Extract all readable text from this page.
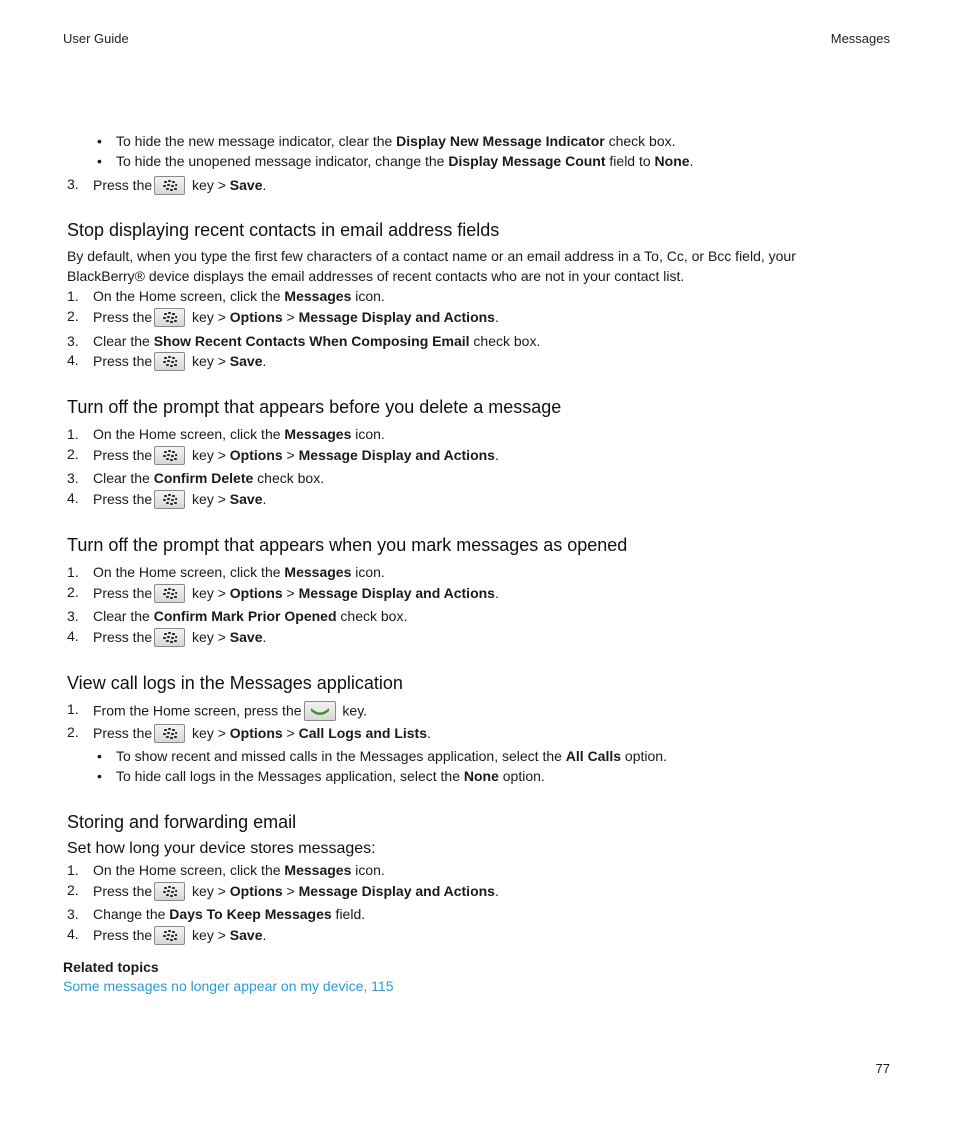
User Guide	Messages
• To hide the new message indicator, clear the Display New Message Indicator check box.
• To hide the unopened message indicator, change the Display Message Count field to None.
3. Press the	key > Save.
Stop displaying recent contacts in email address fields
By default, when you type the first few characters of a contact name or an email address in a To, Cc, or Bcc field, your BlackBerry® device displays the email addresses of recent contacts who are not in your contact list.
1. On the Home screen, click the Messages icon.
2. Press the	key > Options > Message Display and Actions.
3. Clear the Show Recent Contacts When Composing Email check box.
4. Press the	key > Save.
Turn off the prompt that appears before you delete a message
1. On the Home screen, click the Messages icon.
2. Press the	key > Options > Message Display and Actions.
3. Clear the Confirm Delete check box.
4. Press the	key > Save.
Turn off the prompt that appears when you mark messages as opened
1. On the Home screen, click the Messages icon.
2. Press the	key > Options > Message Display and Actions.
3. Clear the Confirm Mark Prior Opened check box.
4. Press the	key > Save.
View call logs in the Messages application
1. From the Home screen, press the	key.
2. Press the	key > Options > Call Logs and Lists.
• To show recent and missed calls in the Messages application, select the All Calls option.
• To hide call logs in the Messages application, select the None option.
Storing and forwarding email
Set how long your device stores messages:
1. On the Home screen, click the Messages icon.
2. Press the	key > Options > Message Display and Actions.
3. Change the Days To Keep Messages field.
4. Press the	key > Save.
Related topics
Some messages no longer appear on my device, 115
77
